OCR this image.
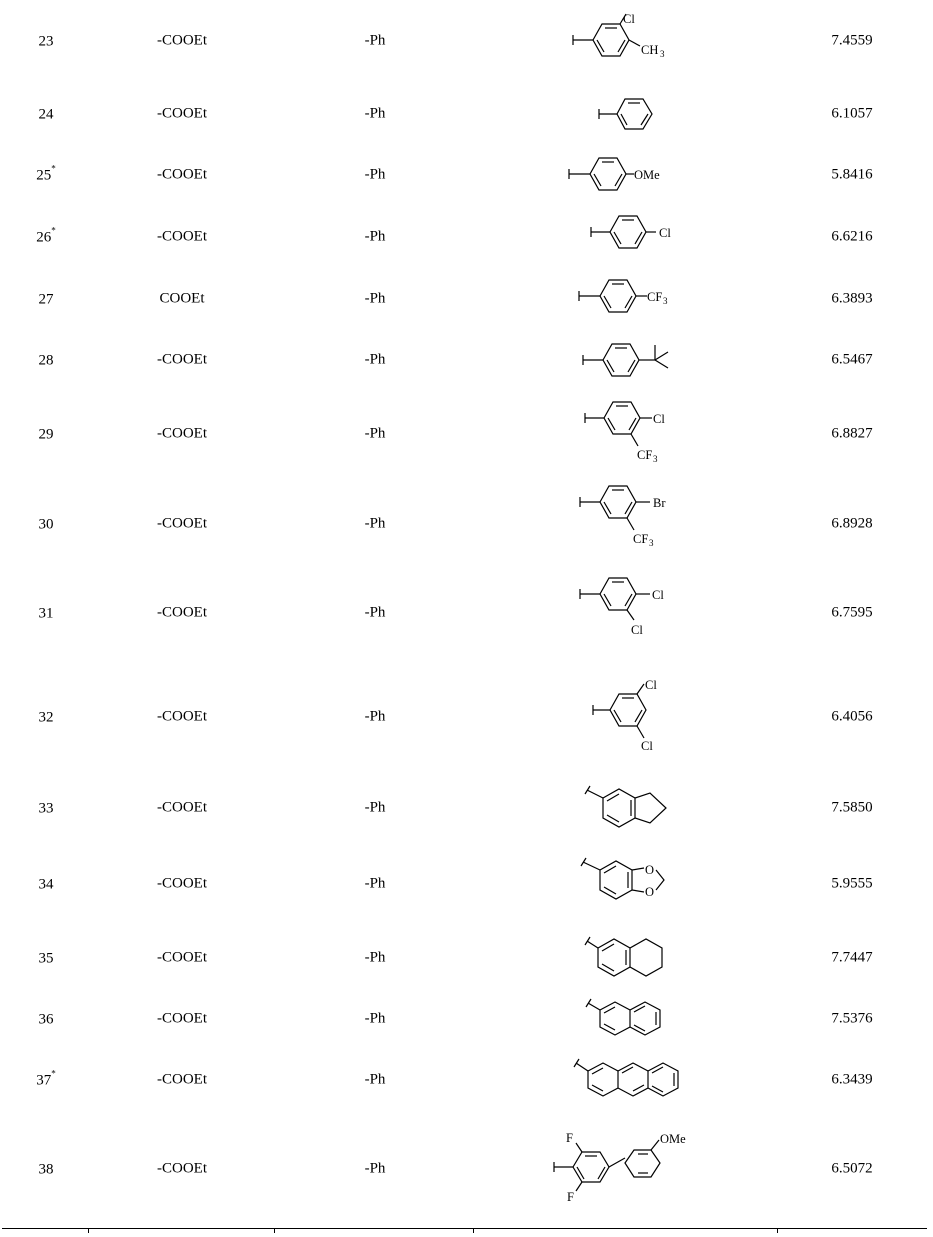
23	-COOEt	-Ph	7.4559
Cl
CH 3
24	-COOEt	-Ph	6.1057
25*	-COOEt	-Ph	5.8416
OMe
26*	-COOEt	-Ph	6.6216
Cl
27	COOEt	-Ph	6.3893
CF 3
28	-COOEt	-Ph	6.5467
29	-COOEt	-Ph	6.8827
Cl
CF 3
30	-COOEt	-Ph	6.8928
Br
CF 3
31	-COOEt	-Ph	6.7595
Cl
Cl
32	-COOEt	-Ph	6.4056
Cl
Cl
33	-COOEt	-Ph	7.5850
34	-COOEt	-Ph	5.9555
O
O
35	-COOEt	-Ph	7.7447
36	-COOEt	-Ph	7.5376
37*	-COOEt	-Ph	6.3439
38	-COOEt	-Ph	6.5072
F
F
OMe
